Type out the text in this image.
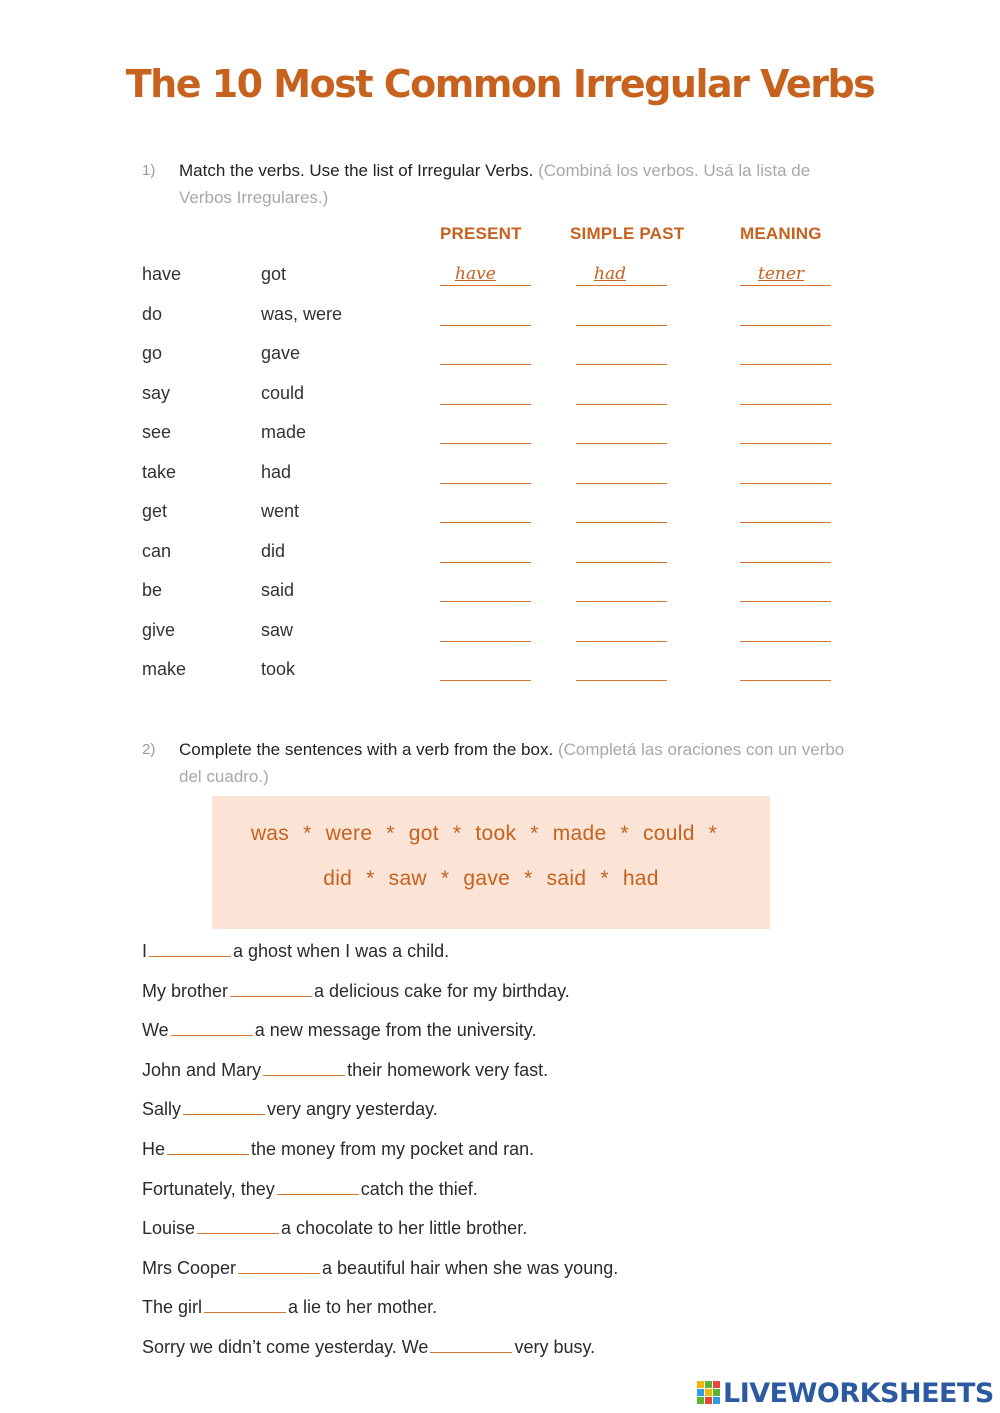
The 10 Most Common Irregular Verbs
1)	Match the verbs. Use the list of Irregular Verbs. (Combiná los verbos. Usá la lista de Verbos Irregulares.)
PRESENT	SIMPLE PAST	MEANING
have	got	have	had	tener
do	was, were
go	gave
say	could
see	made
take	had
get	went
can	did
be	said
give	saw
make	took
2)	Complete the sentences with a verb from the box. (Completá las oraciones con un verbo del cuadro.)
was * were * got * took * made * could *
did * saw * gave * said * had
I	a ghost when I was a child.
My brother	a delicious cake for my birthday.
We	a new message from the university.
John and Mary	their homework very fast.
Sally	very angry yesterday.
He	the money from my pocket and ran.
Fortunately, they	catch the thief.
Louise	a chocolate to her little brother.
Mrs Cooper	a beautiful hair when she was young.
The girl	a lie to her mother.
Sorry we didn’t come yesterday. We	very busy.
LIVEWORKSHEETS
